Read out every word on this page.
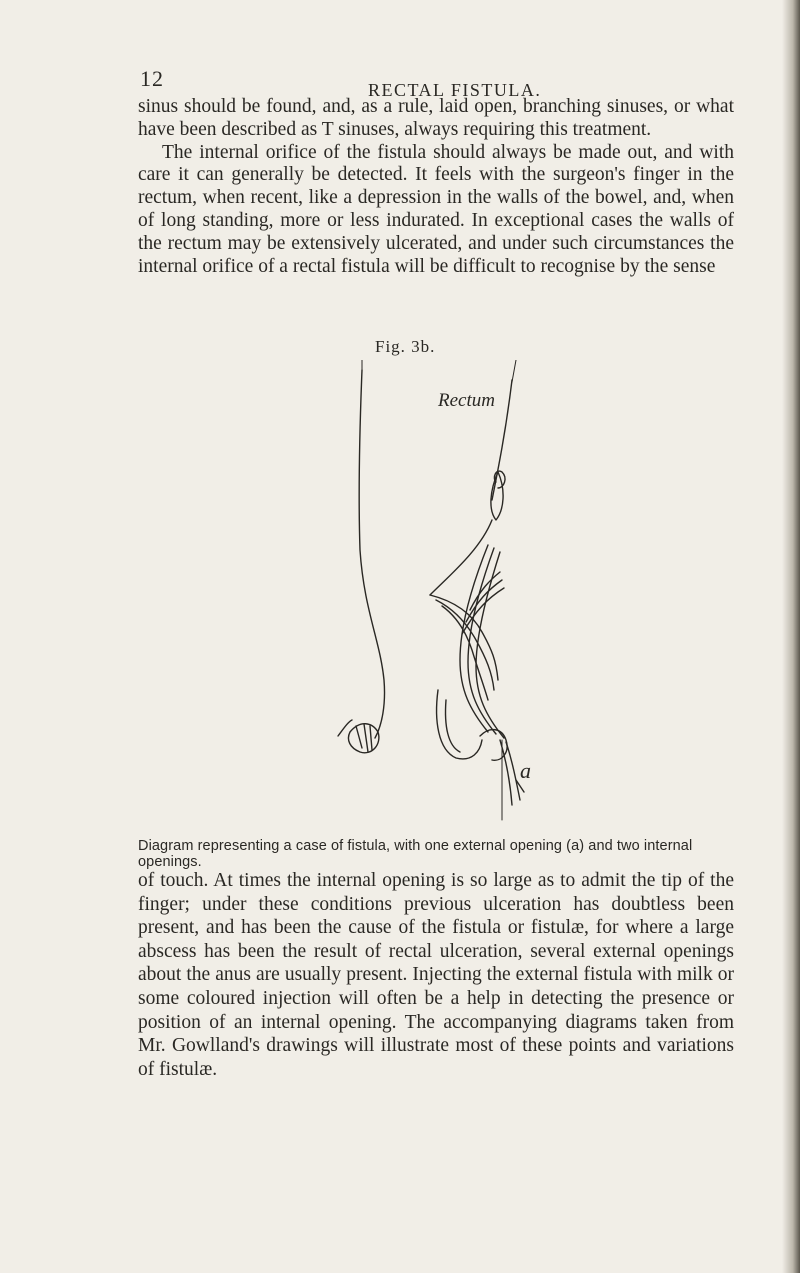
12	RECTAL FISTULA.

sinus should be found, and, as a rule, laid open, branching sinuses, or what have been described as T sinuses, always requiring this treatment.

The internal orifice of the fistula should always be made out, and with care it can generally be detected. It feels with the surgeon's finger in the rectum, when recent, like a depression in the walls of the bowel, and, when of long standing, more or less indurated. In exceptional cases the walls of the rectum may be extensively ulcerated, and under such circumstances the internal orifice of a rectal fistula will be difficult to recognise by the sense

Fig. 3b.
Rectum
a
Diagram representing a case of fistula, with one external opening (a) and two internal openings.

of touch. At times the internal opening is so large as to admit the tip of the finger; under these conditions previous ulceration has doubtless been present, and has been the cause of the fistula or fistulæ, for where a large abscess has been the result of rectal ulceration, several external openings about the anus are usually present. Injecting the external fistula with milk or some coloured injection will often be a help in detecting the presence or position of an internal opening. The accompanying diagrams taken from Mr. Gowlland's drawings will illustrate most of these points and variations of fistulæ.
